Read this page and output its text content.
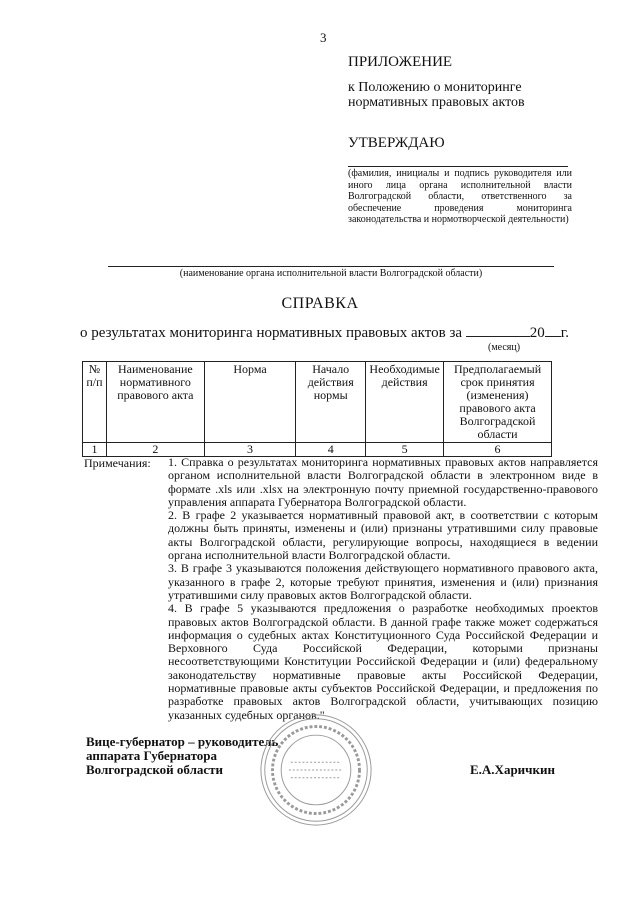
3
ПРИЛОЖЕНИЕ
к Положению о мониторинге
нормативных правовых актов
УТВЕРЖДАЮ
(фамилия, инициалы и подпись руководителя или иного лица органа исполнительной власти Волгоградской области, ответственного за обеспечение проведения мониторинга законодательства и нормотворческой деятельности)
(наименование органа исполнительной власти Волгоградской области)
СПРАВКА
о результатах мониторинга нормативных правовых актов за	20 г.
(месяц)
№ п/п	Наименование нормативного правового акта	Норма	Начало действия нормы	Необходимые действия	Предполагаемый срок принятия (изменения) правового акта Волгоградской области
1	2	3	4	5	6
Примечания: 1. Справка о результатах мониторинга нормативных правовых актов направляется органом исполнительной власти Волгоградской области в электронном виде в формате .xls или .xlsx на электронную почту приемной государственно-правового управления аппарата Губернатора Волгоградской области.

2. В графе 2 указывается нормативный правовой акт, в соответствии с которым должны быть приняты, изменены и (или) признаны утратившими силу правовые акты Волгоградской области, регулирующие вопросы, находящиеся в ведении органа исполнительной власти Волгоградской области.

3. В графе 3 указываются положения действующего нормативного правового акта, указанного в графе 2, которые требуют принятия, изменения и (или) признания утратившими силу правовых актов Волгоградской области.

4. В графе 5 указываются предложения о разработке необходимых проектов правовых актов Волгоградской области. В данной графе также может содержаться информация о судебных актах Конституционного Суда Российской Федерации и Верховного Суда Российской Федерации, которыми признаны несоответствующими Конституции Российской Федерации и (или) федеральному законодательству нормативные правовые акты Российской Федерации, нормативные правовые акты субъектов Российской Федерации, и предложения по разработке правовых актов Волгоградской области, учитывающих позицию указанных судебных органов."

Вице-губернатор – руководитель
аппарата Губернатора
Волгоградской области	Е.А.Харичкин
